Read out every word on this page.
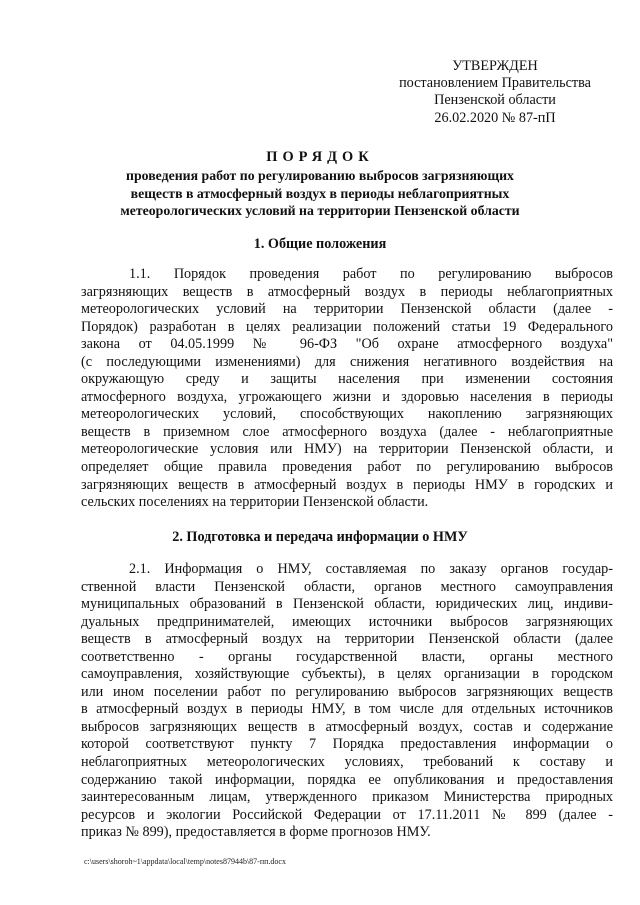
УТВЕРЖДЕН
постановлением Правительства
Пензенской области
26.02.2020 № 87-пП
ПОРЯДОК
проведения работ по регулированию выбросов загрязняющих
веществ в атмосферный воздух в периоды неблагоприятных
метеорологических условий на территории Пензенской области
1. Общие положения
1.1. Порядок проведения работ по регулированию выбросов
загрязняющих веществ в атмосферный воздух в периоды неблагоприятных
метеорологических условий на территории Пензенской области (далее -
Порядок) разработан в целях реализации положений статьи 19 Федерального
закона от 04.05.1999 № 96-ФЗ "Об охране атмосферного воздуха"
(с последующими изменениями) для снижения негативного воздействия на
окружающую среду и защиты населения при изменении состояния
атмосферного воздуха, угрожающего жизни и здоровью населения в периоды
метеорологических условий, способствующих накоплению загрязняющих
веществ в приземном слое атмосферного воздуха (далее - неблагоприятные
метеорологические условия или НМУ) на территории Пензенской области, и
определяет общие правила проведения работ по регулированию выбросов
загрязняющих веществ в атмосферный воздух в периоды НМУ в городских и
сельских поселениях на территории Пензенской области.
2. Подготовка и передача информации о НМУ
2.1. Информация о НМУ, составляемая по заказу органов государ-
ственной власти Пензенской области, органов местного самоуправления
муниципальных образований в Пензенской области, юридических лиц, индиви-
дуальных предпринимателей, имеющих источники выбросов загрязняющих
веществ в атмосферный воздух на территории Пензенской области (далее
соответственно - органы государственной власти, органы местного
самоуправления, хозяйствующие субъекты), в целях организации в городском
или ином поселении работ по регулированию выбросов загрязняющих веществ
в атмосферный воздух в периоды НМУ, в том числе для отдельных источников
выбросов загрязняющих веществ в атмосферный воздух, состав и содержание
которой соответствуют пункту 7 Порядка предоставления информации о
неблагоприятных метеорологических условиях, требований к составу и
содержанию такой информации, порядка ее опубликования и предоставления
заинтересованным лицам, утвержденного приказом Министерства природных
ресурсов и экологии Российской Федерации от 17.11.2011 № 899 (далее -
приказ № 899), предоставляется в форме прогнозов НМУ.
c:\users\shoroh~1\appdata\local\temp\notes87944b\87-пп.docx
